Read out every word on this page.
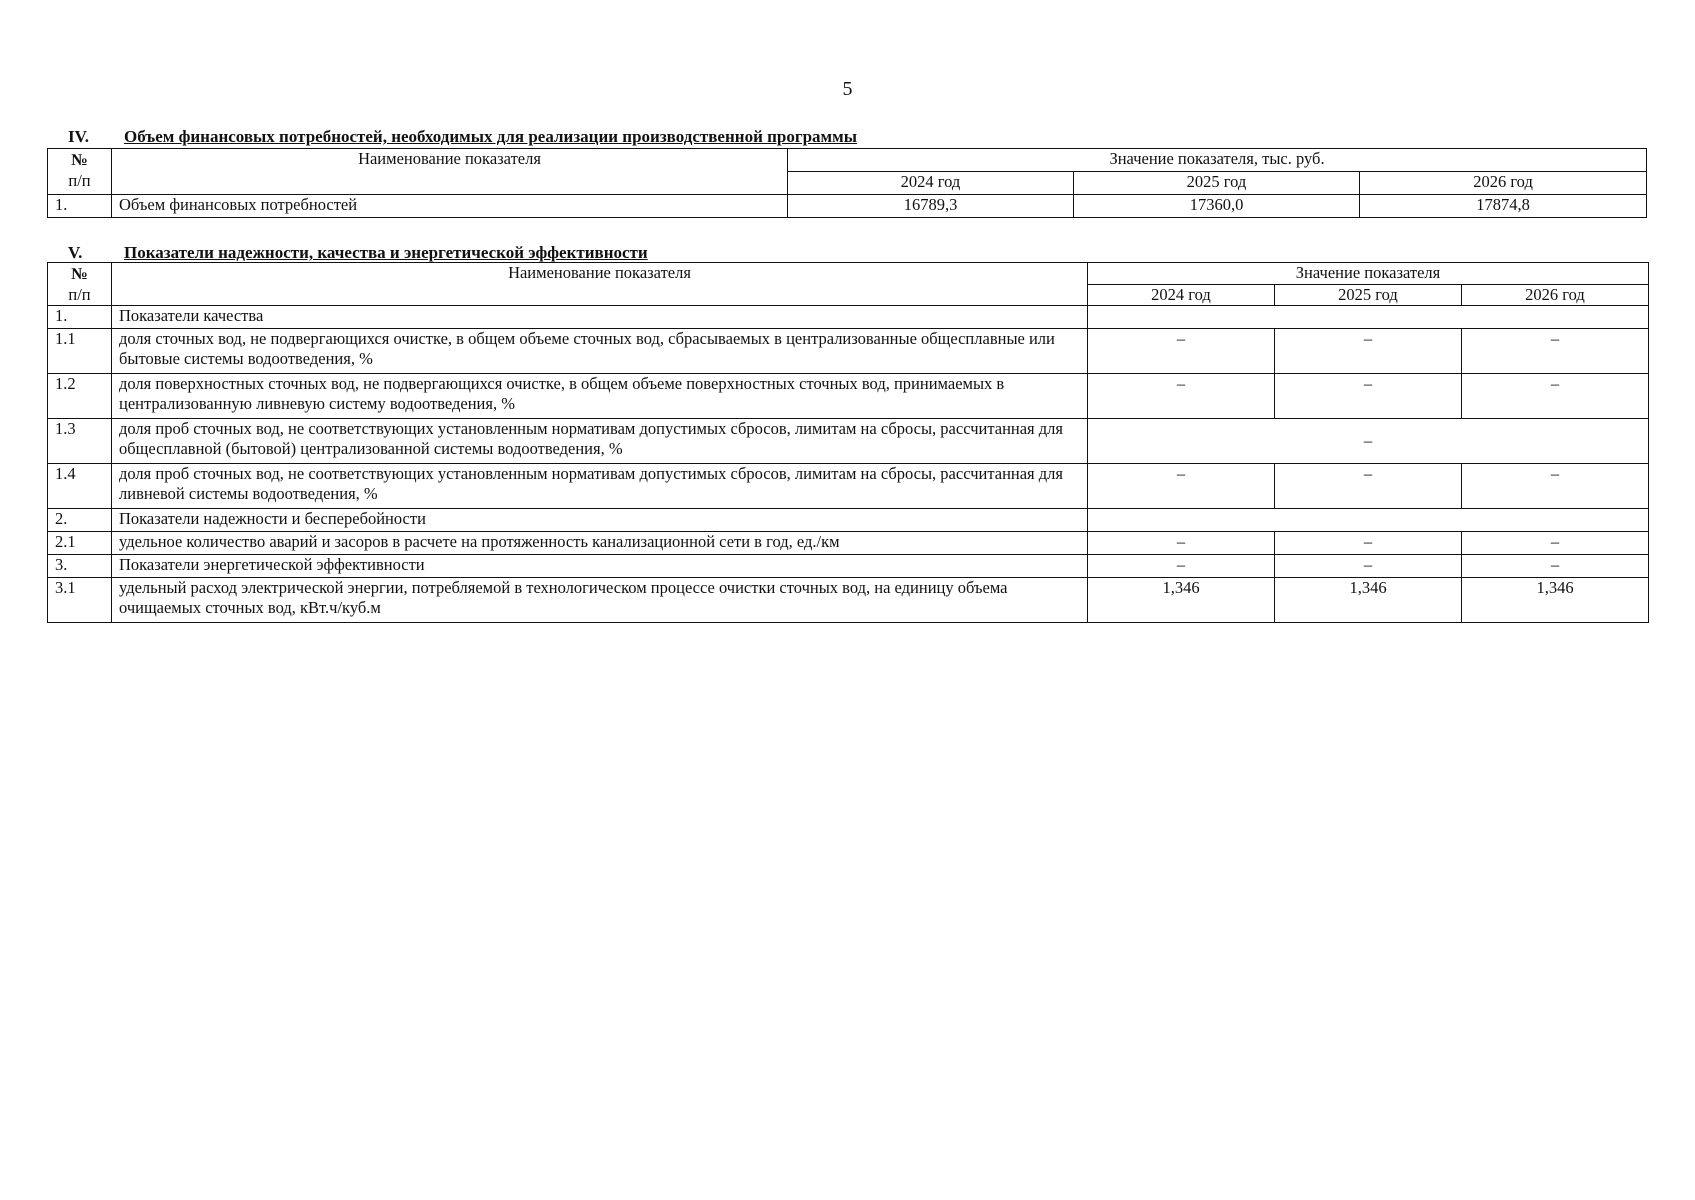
5
IV. Объем финансовых потребностей, необходимых для реализации производственной программы
№
п/п	Наименование показателя	Значение показателя, тыс. руб.		
		2024 год	2025 год	2026 год
1.	Объем финансовых потребностей	16789,3	17360,0	17874,8
V. Показатели надежности, качества и энергетической эффективности
№
п/п	Наименование показателя	Значение показателя		
		2024 год	2025 год	2026 год
1.	Показатели качества			
1.1	доля сточных вод, не подвергающихся очистке, в общем объеме сточных вод, сбрасываемых в централизованные общесплавные или бытовые системы водоотведения, %	–	–	–
1.2	доля поверхностных сточных вод, не подвергающихся очистке, в общем объеме поверхностных сточных вод, принимаемых в централизованную ливневую систему водоотведения, %	–	–	–
1.3	доля проб сточных вод, не соответствующих установленным нормативам допустимых сбросов, лимитам на сбросы, рассчитанная для общесплавной (бытовой) централизованной системы водоотведения, %	–		
1.4	доля проб сточных вод, не соответствующих установленным нормативам допустимых сбросов, лимитам на сбросы, рассчитанная для ливневой системы водоотведения, %	–	–	–
2.	Показатели надежности и бесперебойности			
2.1	удельное количество аварий и засоров в расчете на протяженность канализационной сети в год, ед./км	–	–	–
3.	Показатели энергетической эффективности	–	–	–
3.1	удельный расход электрической энергии, потребляемой в технологическом процессе очистки сточных вод, на единицу объема очищаемых сточных вод, кВт.ч/куб.м	1,346	1,346	1,346
